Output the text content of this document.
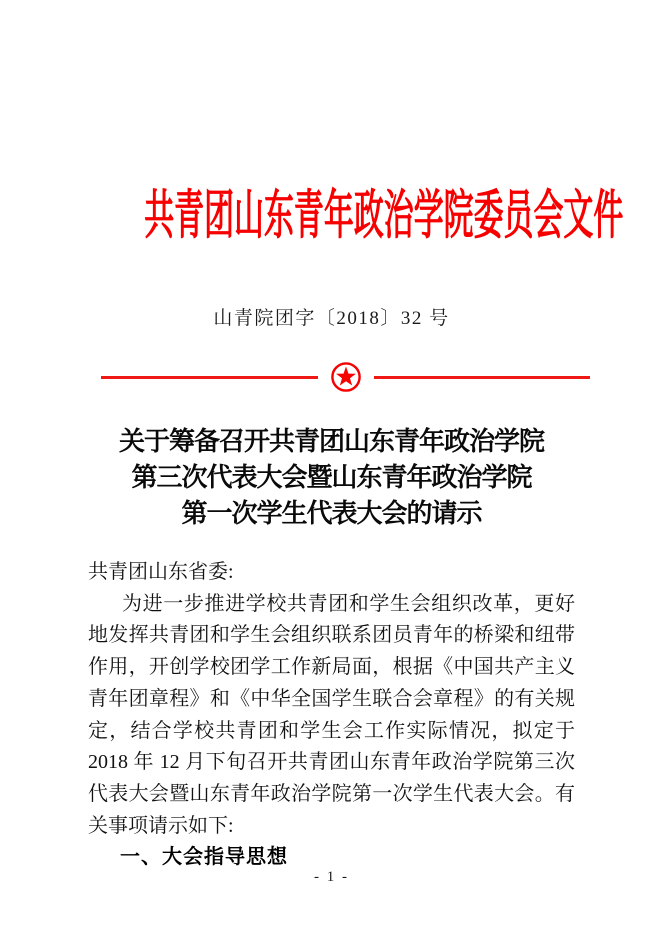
共青团山东青年政治学院委员会文件
山青院团字〔2018〕32 号
关于筹备召开共青团山东青年政治学院
第三次代表大会暨山东青年政治学院
第一次学生代表大会的请示

共青团山东省委:

为进一步推进学校共青团和学生会组织改革，更好地发挥共青团和学生会组织联系团员青年的桥梁和纽带作用，开创学校团学工作新局面，根据《中国共产主义青年团章程》和《中华全国学生联合会章程》的有关规定，结合学校共青团和学生会工作实际情况，拟定于 2018 年 12 月下旬召开共青团山东青年政治学院第三次代表大会暨山东青年政治学院第一次学生代表大会。有关事项请示如下:

一、大会指导思想

- 1 -
